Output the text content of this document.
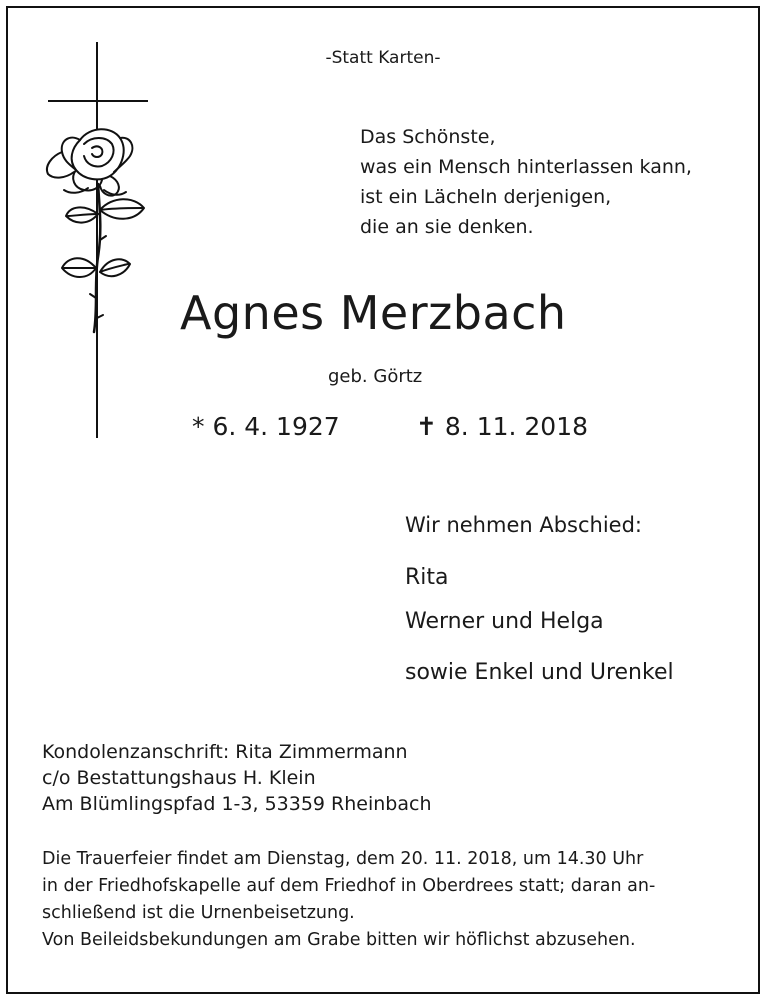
-Statt Karten-
Das Schönste,
was ein Mensch hinterlassen kann,
ist ein Lächeln derjenigen,
die an sie denken.
Agnes Merzbach
geb. Görtz
* 6. 4. 1927	✝ 8. 11. 2018
Wir nehmen Abschied:
Rita
Werner und Helga
sowie Enkel und Urenkel
Kondolenzanschrift: Rita Zimmermann
c/o Bestattungshaus H. Klein
Am Blümlingspfad 1-3, 53359 Rheinbach
Die Trauerfeier findet am Dienstag, dem 20. 11. 2018, um 14.30 Uhr
in der Friedhofskapelle auf dem Friedhof in Oberdrees statt; daran an-
schließend ist die Urnenbeisetzung.
Von Beileidsbekundungen am Grabe bitten wir höflichst abzusehen.
